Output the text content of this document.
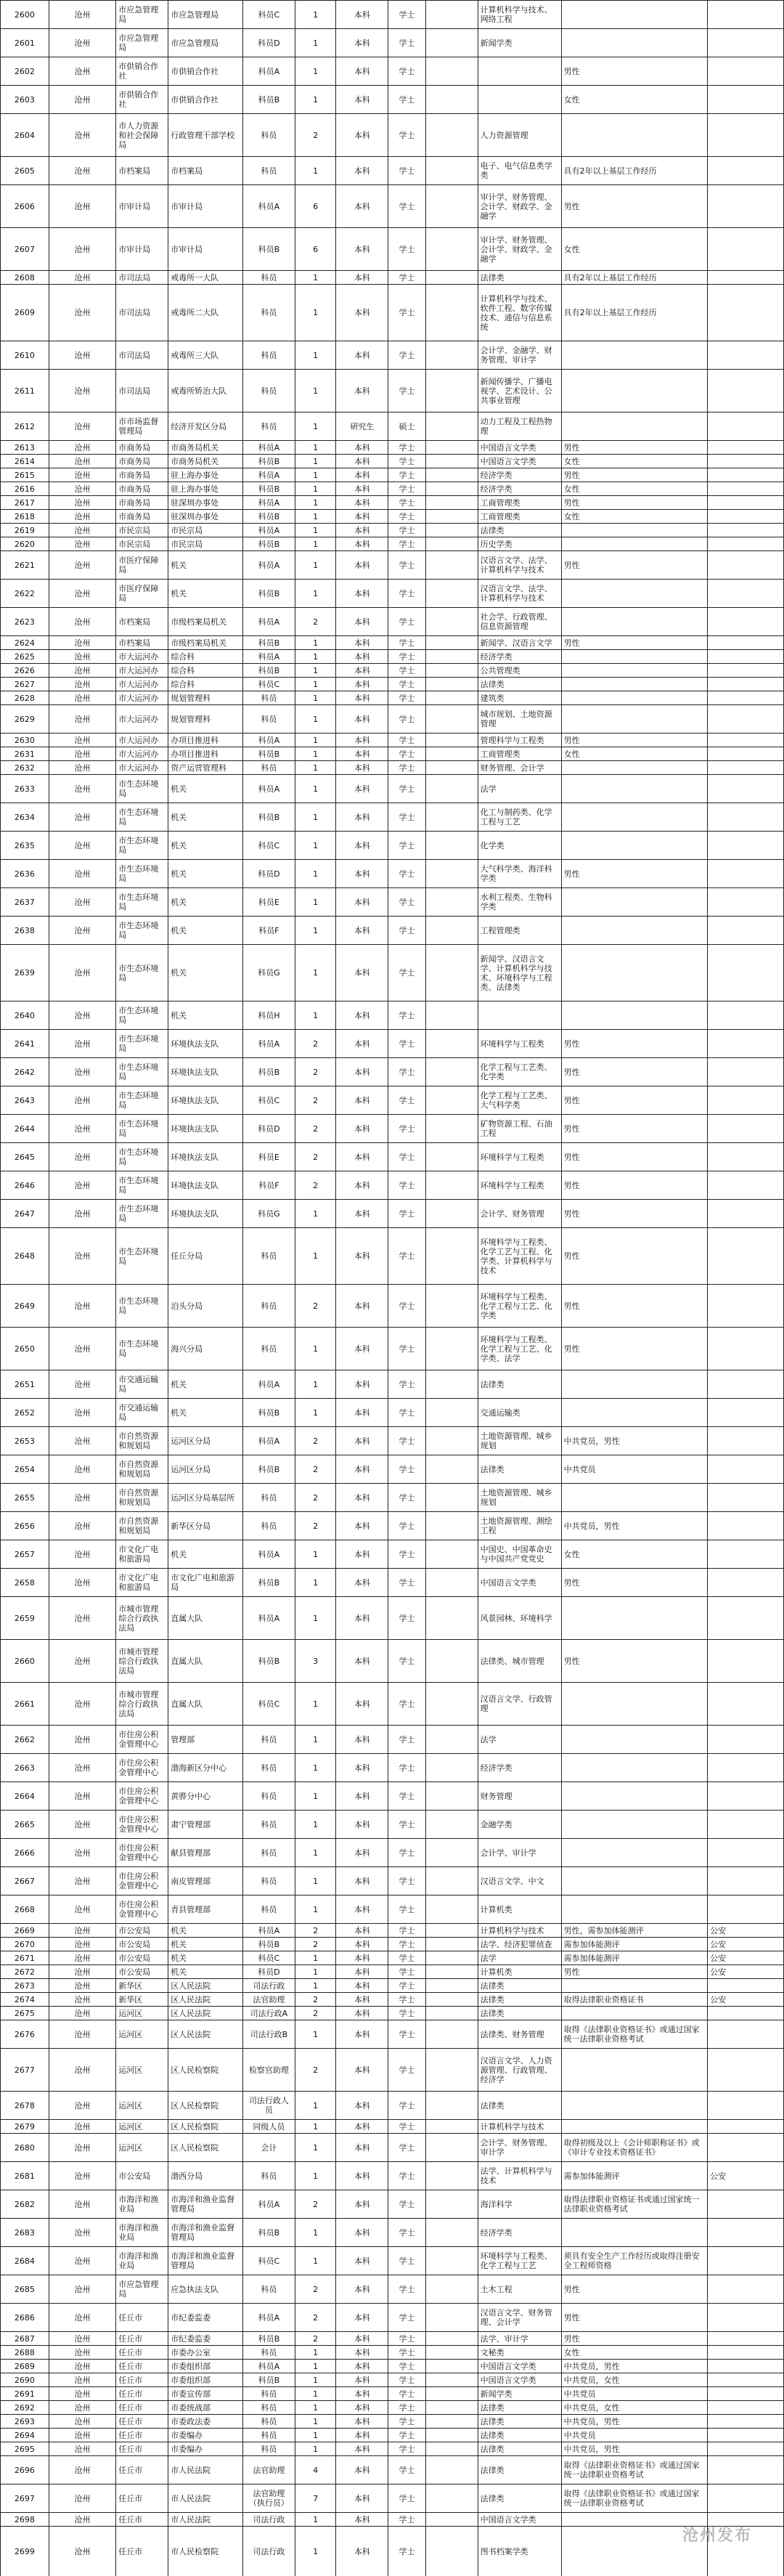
2600	沧州	市应急管理局	市应急管理局	科员C	1	本科	学士		计算机科学与技术、网络工程		
2601	沧州	市应急管理局	市应急管理局	科员D	1	本科	学士		新闻学类		
2602	沧州	市供销合作社	市供销合作社	科员A	1	本科	学士			男性	
2603	沧州	市供销合作社	市供销合作社	科员B	1	本科	学士			女性	
2604	沧州	市人力资源和社会保障局	行政管理干部学校	科员	2	本科	学士		人力资源管理		
2605	沧州	市档案局	市档案局	科员	1	本科	学士		电子、电气信息类学类	具有2年以上基层工作经历	
2606	沧州	市审计局	市审计局	科员A	6	本科	学士		审计学、财务管理、会计学、财政学、金融学	男性	
2607	沧州	市审计局	市审计局	科员B	6	本科	学士		审计学、财务管理、会计学、财政学、金融学	女性	
2608	沧州	市司法局	戒毒所一大队	科员	1	本科	学士		法律类	具有2年以上基层工作经历	
2609	沧州	市司法局	戒毒所二大队	科员	1	本科	学士		计算机科学与技术、软件工程、数字传媒技术、通信与信息系统	具有2年以上基层工作经历	
2610	沧州	市司法局	戒毒所三大队	科员	1	本科	学士		会计学、金融学、财务管理、审计学		
2611	沧州	市司法局	戒毒所矫治大队	科员	1	本科	学士		新闻传播学、广播电视学、艺术设计、公共事业管理		
2612	沧州	市市场监督管理局	经济开发区分局	科员	1	研究生	硕士		动力工程及工程热物理		
2613	沧州	市商务局	市商务局机关	科员A	1	本科	学士		中国语言文学类	男性	
2614	沧州	市商务局	市商务局机关	科员B	1	本科	学士		中国语言文学类	女性	
2615	沧州	市商务局	驻上海办事处	科员A	1	本科	学士		经济学类	男性	
2616	沧州	市商务局	驻上海办事处	科员B	1	本科	学士		经济学类	女性	
2617	沧州	市商务局	驻深圳办事处	科员A	1	本科	学士		工商管理类	男性	
2618	沧州	市商务局	驻深圳办事处	科员B	1	本科	学士		工商管理类	女性	
2619	沧州	市民宗局	市民宗局	科员A	1	本科	学士		法律类		
2620	沧州	市民宗局	市民宗局	科员B	1	本科	学士		历史学类		
2621	沧州	市医疗保障局	机关	科员A	1	本科	学士		汉语言文学、法学、计算机科学与技术	男性	
2622	沧州	市医疗保障局	机关	科员B	1	本科	学士		汉语言文学、法学、计算机科学与技术		
2623	沧州	市档案局	市级档案局机关	科员A	2	本科	学士		社会学、行政管理、信息资源管理		
2624	沧州	市档案局	市级档案局机关	科员B	1	本科	学士		新闻学、汉语言文学	男性	
2625	沧州	市大运河办	综合科	科员A	1	本科	学士		经济学类		
2626	沧州	市大运河办	综合科	科员B	1	本科	学士		公共管理类		
2627	沧州	市大运河办	综合科	科员C	1	本科	学士		法律类		
2628	沧州	市大运河办	规划管理科	科员	1	本科	学士		建筑类		
2629	沧州	市大运河办	规划管理科	科员	1	本科	学士		城市规划、土地资源管理		
2630	沧州	市大运河办	办项目推进科	科员A	1	本科	学士		管理科学与工程类	男性	
2631	沧州	市大运河办	办项目推进科	科员B	1	本科	学士		工商管理类	女性	
2632	沧州	市大运河办	资产运营管理科	科员	1	本科	学士		财务管理、会计学		
2633	沧州	市生态环境局	机关	科员A	1	本科	学士		法学		
2634	沧州	市生态环境局	机关	科员B	1	本科	学士		化工与制药类、化学工程与工艺		
2635	沧州	市生态环境局	机关	科员C	1	本科	学士		化学类		
2636	沧州	市生态环境局	机关	科员D	1	本科	学士		大气科学类、海洋科学类	男性	
2637	沧州	市生态环境局	机关	科员E	1	本科	学士		水利工程类、生物科学类		
2638	沧州	市生态环境局	机关	科员F	1	本科	学士		工程管理类		
2639	沧州	市生态环境局	机关	科员G	1	本科	学士		新闻学、汉语言文学、计算机科学与技术、环境科学与工程类、法律类		
2640	沧州	市生态环境局	机关	科员H	1	本科	学士				
2641	沧州	市生态环境局	环境执法支队	科员A	2	本科	学士		环境科学与工程类	男性	
2642	沧州	市生态环境局	环境执法支队	科员B	2	本科	学士		化学工程与工艺类、化学类	男性	
2643	沧州	市生态环境局	环境执法支队	科员C	2	本科	学士		化学工程与工艺类、大气科学类	男性	
2644	沧州	市生态环境局	环境执法支队	科员D	2	本科	学士		矿物资源工程、石油工程	男性	
2645	沧州	市生态环境局	环境执法支队	科员E	2	本科	学士		环境科学与工程类	男性	
2646	沧州	市生态环境局	环境执法支队	科员F	2	本科	学士		环境科学与工程类	男性	
2647	沧州	市生态环境局	环境执法支队	科员G	1	本科	学士		会计学、财务管理	男性	
2648	沧州	市生态环境局	任丘分局	科员	1	本科	学士		环境科学与工程类、化学工艺与工程、化学类、计算机科学与技术	男性	
2649	沧州	市生态环境局	泊头分局	科员	2	本科	学士		环境科学与工程类、化学工程与工艺、化学类	男性	
2650	沧州	市生态环境局	海兴分局	科员	1	本科	学士		环境科学与工程类、化学工程与工艺、化学类、法学	男性	
2651	沧州	市交通运输局	机关	科员A	1	本科	学士		法律类		
2652	沧州	市交通运输局	机关	科员B	1	本科	学士		交通运输类		
2653	沧州	市自然资源和规划局	运河区分局	科员A	2	本科	学士		土地资源管理、城乡规划	中共党员，男性	
2654	沧州	市自然资源和规划局	运河区分局	科员B	2	本科	学士		法律类	中共党员	
2655	沧州	市自然资源和规划局	运河区分局基层所	科员	2	本科	学士		土地资源管理、城乡规划		
2656	沧州	市自然资源和规划局	新华区分局	科员	2	本科	学士		土地资源管理、测绘工程	中共党员，男性	
2657	沧州	市文化广电和旅游局	机关	科员A	1	本科	学士		中国史、中国革命史与中国共产党党史	女性	
2658	沧州	市文化广电和旅游局	市文化广电和旅游局	科员B	1	本科	学士		中国语言文学类	男性	
2659	沧州	市城市管理综合行政执法局	直属大队	科员A	1	本科	学士		风景园林、环境科学		
2660	沧州	市城市管理综合行政执法局	直属大队	科员B	3	本科	学士		法律类、城市管理	男性	
2661	沧州	市城市管理综合行政执法局	直属大队	科员C	1	本科	学士		汉语言文学、行政管理		
2662	沧州	市住房公积金管理中心	管理部	科员	1	本科	学士		法学		
2663	沧州	市住房公积金管理中心	渤海新区分中心	科员	1	本科	学士		经济学类		
2664	沧州	市住房公积金管理中心	黄骅分中心	科员	1	本科	学士		财务管理		
2665	沧州	市住房公积金管理中心	肃宁管理部	科员	1	本科	学士		金融学类		
2666	沧州	市住房公积金管理中心	献县管理部	科员	1	本科	学士		会计学、审计学		
2667	沧州	市住房公积金管理中心	南皮管理部	科员	1	本科	学士		汉语言文学、中文		
2668	沧州	市住房公积金管理中心	青县管理部	科员	1	本科	学士		计算机类		
2669	沧州	市公安局	机关	科员A	2	本科	学士		计算机科学与技术	男性，需参加体能测评	公安
2670	沧州	市公安局	机关	科员B	2	本科	学士		法学、经济犯罪侦查	需参加体能测评	公安
2671	沧州	市公安局	机关	科员C	1	本科	学士		法学	需参加体能测评	公安
2672	沧州	市公安局	机关	科员D	1	本科	学士		计算机类	男性	公安
2673	沧州	新华区	区人民法院	司法行政	1	本科	学士		法律类		
2674	沧州	新华区	区人民法院	法官助理	2	本科	学士		法律类	取得法律职业资格证书	公安
2675	沧州	运河区	区人民法院	司法行政A	2	本科	学士		法律类		
2676	沧州	运河区	区人民法院	司法行政B	1	本科	学士		法律类、财务管理	取得《法律职业资格证书》或通过国家统一法律职业资格考试	
2677	沧州	运河区	区人民检察院	检察官助理	2	本科	学士		汉语言文学、人力资源管理、行政管理、经济学		
2678	沧州	运河区	区人民检察院	司法行政人员	1	本科	学士		法律类		
2679	沧州	运河区	区人民检察院	同级人员	1	本科	学士		计算机科学与技术		
2680	沧州	运河区	区人民检察院	会计	1	本科	学士		会计学、财务管理、审计学	取得初级及以上《会计师职称证书》或《审计专业技术资格证书》	
2681	沧州	市公安局	渤西分局	科员	1	本科	学士		法学、计算机科学与技术	需参加体能测评	公安
2682	沧州	市海洋和渔业局	市海洋和渔业监督管理局	科员A	2	本科	学士		海洋科学	取得法律职业资格证书或通过国家统一法律职业资格考试	
2683	沧州	市海洋和渔业局	市海洋和渔业监督管理局	科员B	1	本科	学士		经济学类		
2684	沧州	市海洋和渔业局	市海洋和渔业监督管理局	科员C	1	本科	学士		环境科学与工程类、化学工程与工艺	须具有安全生产工作经历或取得注册安全工程师资格	
2685	沧州	市应急管理局	应急执法支队	科员	2	本科	学士		土木工程	男性	
2686	沧州	任丘市	市纪委监委	科员A	2	本科	学士		汉语言文学、财务管理、会计学	男性	
2687	沧州	任丘市	市纪委监委	科员B	2	本科	学士		法学、审计学	男性	
2688	沧州	任丘市	市委办公室	科员	1	本科	学士		文秘类	女性	
2689	沧州	任丘市	市委组织部	科员A	1	本科	学士		中国语言文学类	中共党员，男性	
2690	沧州	任丘市	市委组织部	科员B	1	本科	学士		中国语言文学类	中共党员，女性	
2691	沧州	任丘市	市委宣传部	科员	1	本科	学士		新闻学类	中共党员	
2692	沧州	任丘市	市委统战部	科员	1	本科	学士		法律类	中共党员，女性	
2693	沧州	任丘市	市委政法委	科员	1	本科	学士		法律类	中共党员，男性	
2694	沧州	任丘市	市委编办	科员	1	本科	学士		法律类	中共党员	
2695	沧州	任丘市	市委编办	科员	1	本科	学士		法律类	中共党员，男性	
2696	沧州	任丘市	市人民法院	法官助理	4	本科	学士		法律类	取得《法律职业资格证书》或通过国家统一法律职业资格考试	
2697	沧州	任丘市	市人民法院	法官助理（执行员）	7	本科	学士		法律类	取得《法律职业资格证书》或通过国家统一法律职业资格考试	
2698	沧州	任丘市	市人民法院	司法行政	1	本科	学士		中国语言文学类		
2699	沧州	任丘市	市人民检察院	司法行政	1	本科	学士		图书档案学类		
沧州发布
